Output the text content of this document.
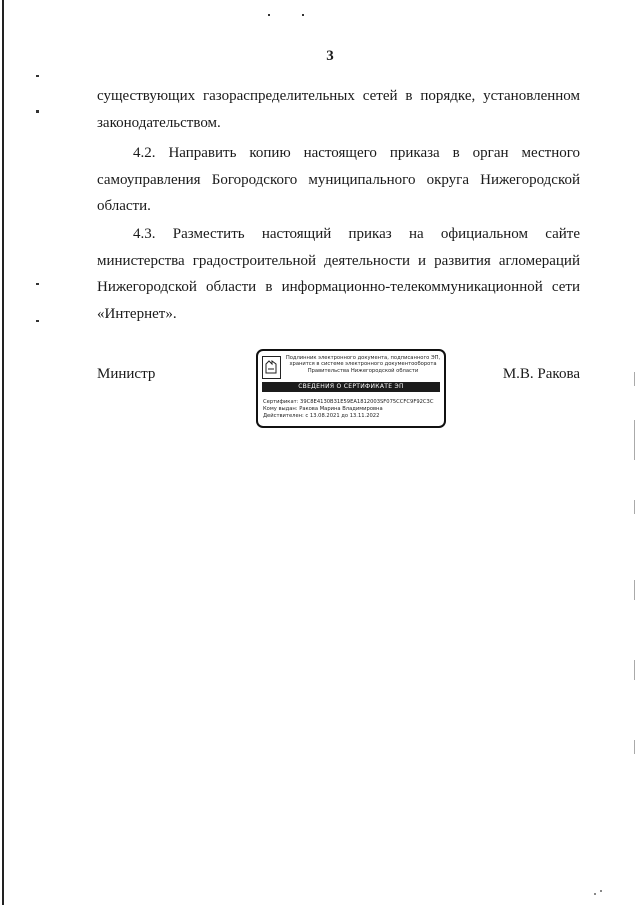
3

существующих газораспределительных сетей в порядке, установленном законодательством.

4.2. Направить копию настоящего приказа в орган местного самоуправления Богородского муниципального округа Нижегородской области.

4.3. Разместить настоящий приказ на официальном сайте министерства градостроительной деятельности и развития агломераций Нижегородской области в информационно-телекоммуникационной сети «Интернет».

Министр	М.В. Ракова
Подлинник электронного документа, подписанного ЭП, хранится в системе электронного документооборота Правительства Нижегородской области
СВЕДЕНИЯ О СЕРТИФИКАТЕ ЭП
Сертификат: 39C8E4130B31E59EA1812003SF075CCFC9F92C3C
Кому выдан: Ракова Марина Владимировна
Действителен: с 13.08.2021 до 13.11.2022
